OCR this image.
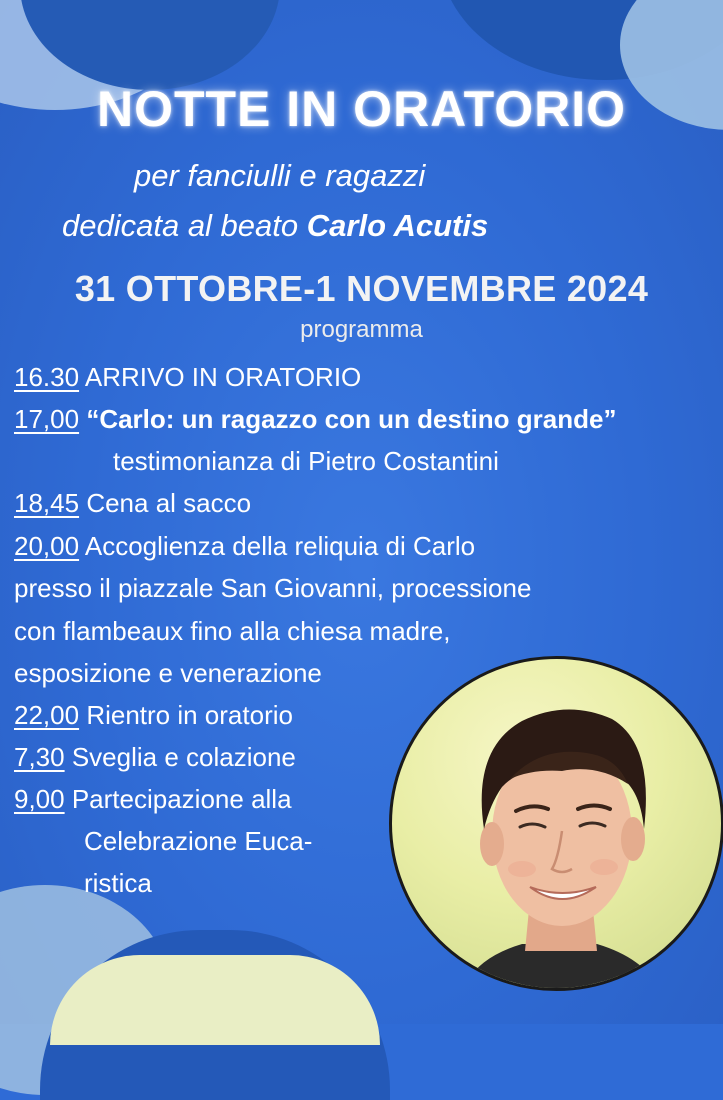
NOTTE IN ORATORIO
per fanciulli e ragazzi
dedicata al beato Carlo Acutis
31 OTTOBRE-1 NOVEMBRE 2024
programma
16.30 ARRIVO IN ORATORIO
17,00 “Carlo: un ragazzo con un destino grande”
testimonianza di Pietro Costantini
18,45 Cena al sacco
20,00 Accoglienza della reliquia di Carlo
presso il piazzale San Giovanni, processione
con flambeaux fino alla chiesa madre,
esposizione e venerazione
22,00 Rientro in oratorio
7,30 Sveglia e colazione
9,00 Partecipazione alla
Celebrazione Euca-
ristica
